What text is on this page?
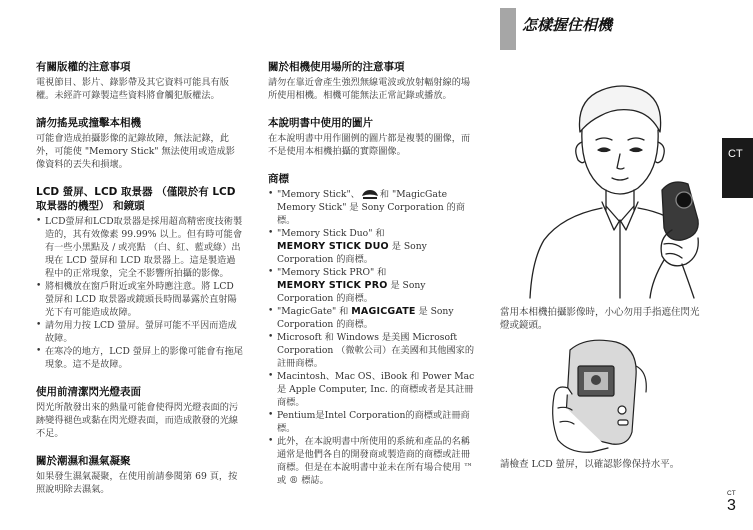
有關版權的注意事項

電視節目、影片、錄影帶及其它資料可能具有版權。未經許可錄製這些資料將會觸犯版權法。

請勿搖晃或撞擊本相機

可能會造成拍攝影像的記錄故障，無法記錄，此外，可能使 "Memory Stick" 無法使用或造成影像資料的丟失和損壞。

LCD 螢屏、LCD 取景器 （僅限於有 LCD 取景器的機型） 和鏡頭
• LCD螢屏和LCD取景器是採用超高精密度技術製造的，其有效像素 99.99% 以上。但有時可能會有一些小黑點及 / 或亮點 （白、紅、藍或綠）出現在 LCD 螢屏和 LCD 取景器上。這是製造過程中的正常現象，完全不影響所拍攝的影像。
• 將相機放在窗戶附近或室外時應注意。將 LCD 螢屏和 LCD 取景器或鏡頭長時間暴露於直射陽光下有可能造成故障。
• 請勿用力按 LCD 螢屏。螢屏可能不平因而造成故障。
• 在寒冷的地方，LCD 螢屏上的影像可能會有拖尾現象。這不是故障。
使用前清潔閃光燈表面

閃光所散發出來的熱量可能會使得閃光燈表面的污跡變得褪色或黏在閃光燈表面，而造成散發的光線不足。

關於潮濕和濕氣凝聚

如果發生濕氣凝聚，在使用前請參閱第 69 頁，按照說明除去濕氣。

關於相機使用場所的注意事項

請勿在靠近會產生強烈無線電波或放射輻射線的場所使用相機。相機可能無法正常記錄或播放。

本說明書中使用的圖片

在本說明書中用作圖例的圖片都是複製的圖像，而不是使用本相機拍攝的實際圖像。

商標
• "Memory Stick"、 和 "MagicGate Memory Stick" 是 Sony Corporation 的商標。
• "Memory Stick Duo" 和
MEMORY STICK DUO 是 Sony Corporation 的商標。
• "Memory Stick PRO" 和
MEMORY STICK PRO 是 Sony Corporation 的商標。
• "MagicGate" 和 MAGICGATE 是 Sony Corporation 的商標。
• Microsoft 和 Windows 是美國 Microsoft Corporation （微軟公司）在美國和其他國家的註冊商標。
• Macintosh、Mac OS、iBook 和 Power Mac 是 Apple Computer, Inc. 的商標或者是其註冊商標。
• Pentium是Intel Corporation的商標或註冊商標。
• 此外，在本說明書中所使用的系統和產品的名稱通常是他們各自的開發商或製造商的商標或註冊商標。但是在本說明書中並未在所有場合使用 ™ 或 ® 標誌。
怎樣握住相機
CT
當用本相機拍攝影像時，小心勿用手指遮住閃光燈或鏡頭。
請檢查 LCD 螢屏，以確認影像保持水平。
CT
3
